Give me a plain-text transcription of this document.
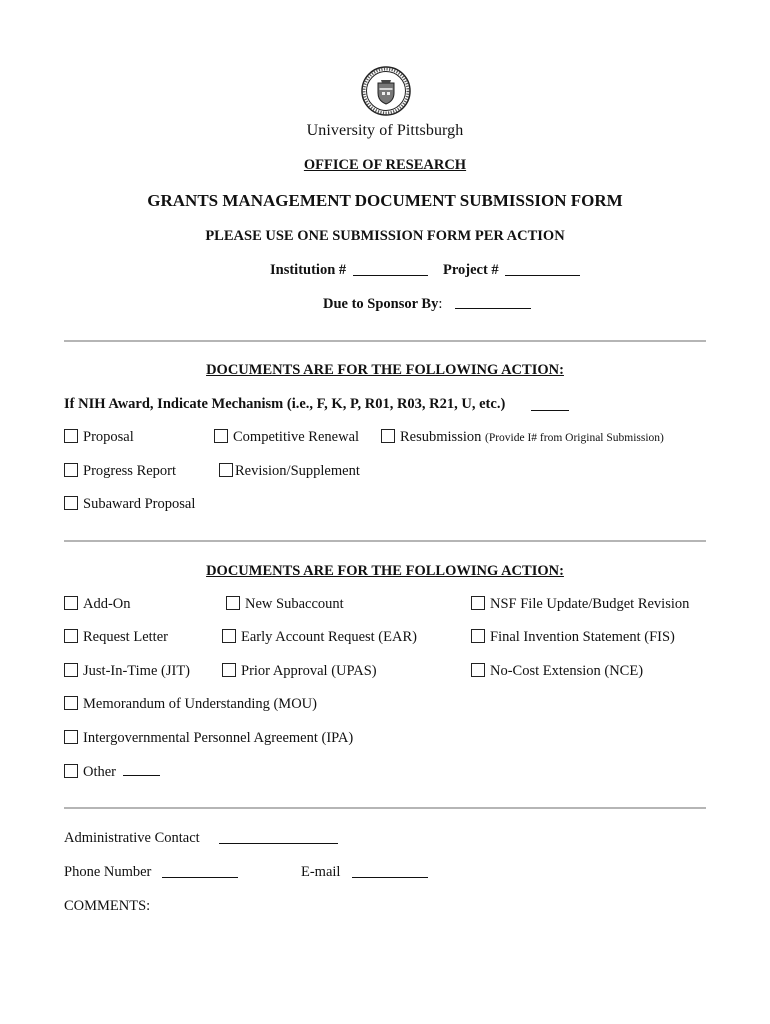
University of Pittsburgh
OFFICE OF RESEARCH
GRANTS MANAGEMENT DOCUMENT SUBMISSION FORM
PLEASE USE ONE SUBMISSION FORM PER ACTION
Institution #	Project #
Due to Sponsor By:
DOCUMENTS ARE FOR THE FOLLOWING ACTION:
If NIH Award, Indicate Mechanism (i.e., F, K, P, R01, R03, R21, U, etc.)
Proposal	Competitive Renewal	Resubmission (Provide I# from Original Submission)
Progress Report	Revision/Supplement
Subaward Proposal
DOCUMENTS ARE FOR THE FOLLOWING ACTION:
Add-On	New Subaccount	NSF File Update/Budget Revision
Request Letter	Early Account Request (EAR)	Final Invention Statement (FIS)
Just-In-Time (JIT)	Prior Approval (UPAS)	No-Cost Extension (NCE)
Memorandum of Understanding (MOU)
Intergovernmental Personnel Agreement (IPA)
Other
Administrative Contact
Phone Number	E-mail
COMMENTS:
